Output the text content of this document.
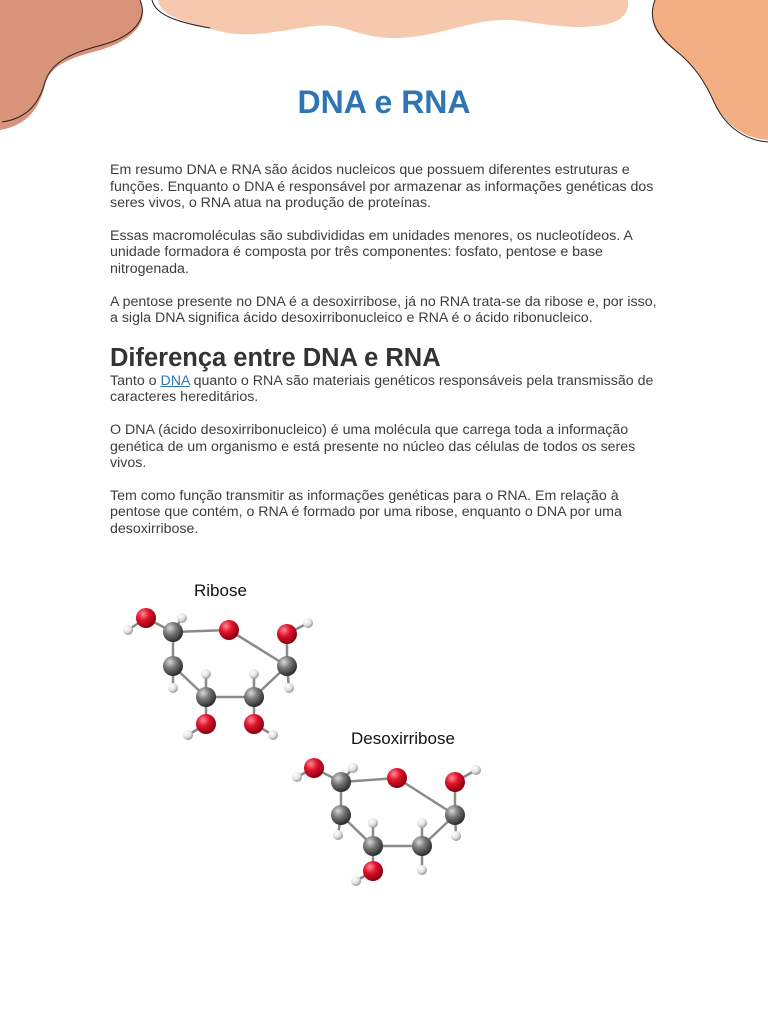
DNA e RNA

Em resumo DNA e RNA são ácidos nucleicos que possuem diferentes estruturas e funções. Enquanto o DNA é responsável por armazenar as informações genéticas dos seres vivos, o RNA atua na produção de proteínas.

Essas macromoléculas são subdivididas em unidades menores, os nucleotídeos. A unidade formadora é composta por três componentes: fosfato, pentose e base nitrogenada.

A pentose presente no DNA é a desoxirribose, já no RNA trata-se da ribose e, por isso, a sigla DNA significa ácido desoxirribonucleico e RNA é o ácido ribonucleico.

Diferença entre DNA e RNA

Tanto o DNA quanto o RNA são materiais genéticos responsáveis pela transmissão de caracteres hereditários.

O DNA (ácido desoxirribonucleico) é uma molécula que carrega toda a informação genética de um organismo e está presente no núcleo das células de todos os seres vivos.

Tem como função transmitir as informações genéticas para o RNA. Em relação à pentose que contém, o RNA é formado por uma ribose, enquanto o DNA por uma desoxirribose.

Ribose
Desoxirribose
